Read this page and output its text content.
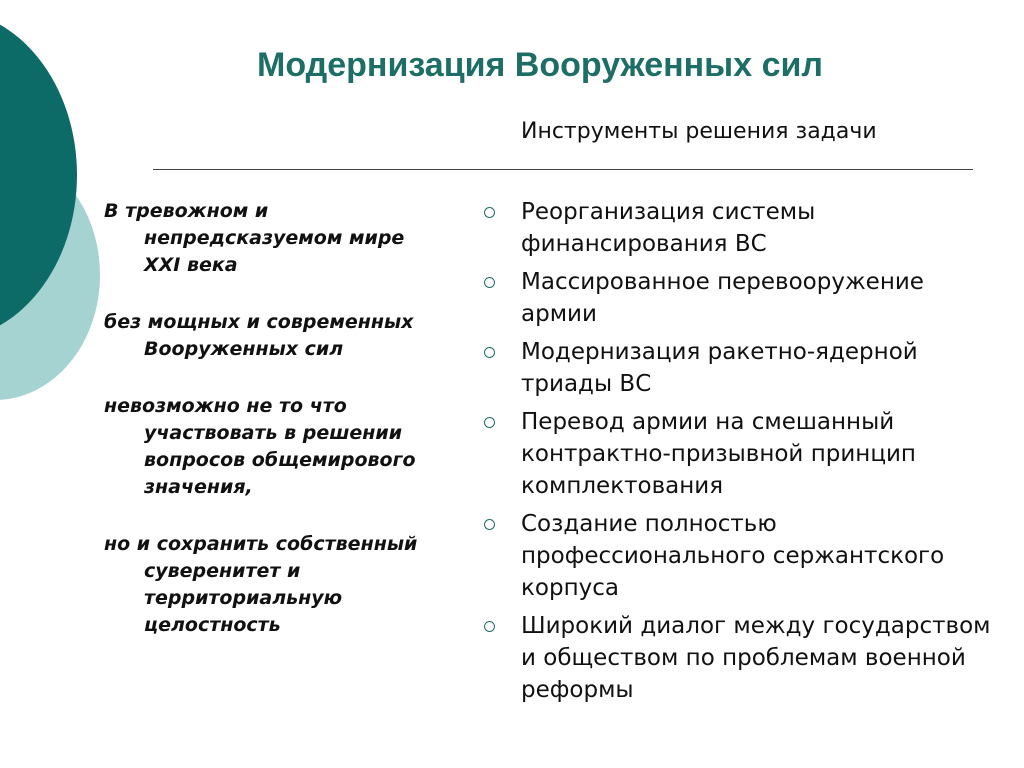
Модернизация Вооруженных сил
Инструменты решения задачи

В тревожном и непредсказуемом мире XXI века

без мощных и современных Вооруженных сил

невозможно не то что участвовать в решении вопросов общемирового значения,

но и сохранить собственный суверенитет и территориальную целостность

Реорганизация системы финансирования ВС
Массированное перевооружение армии
Модернизация ракетно-ядерной триады ВС
Перевод армии на смешанный контрактно-призывной принцип комплектования
Создание полностью профессионального сержантского корпуса
Широкий диалог между государством и обществом по проблемам военной реформы
